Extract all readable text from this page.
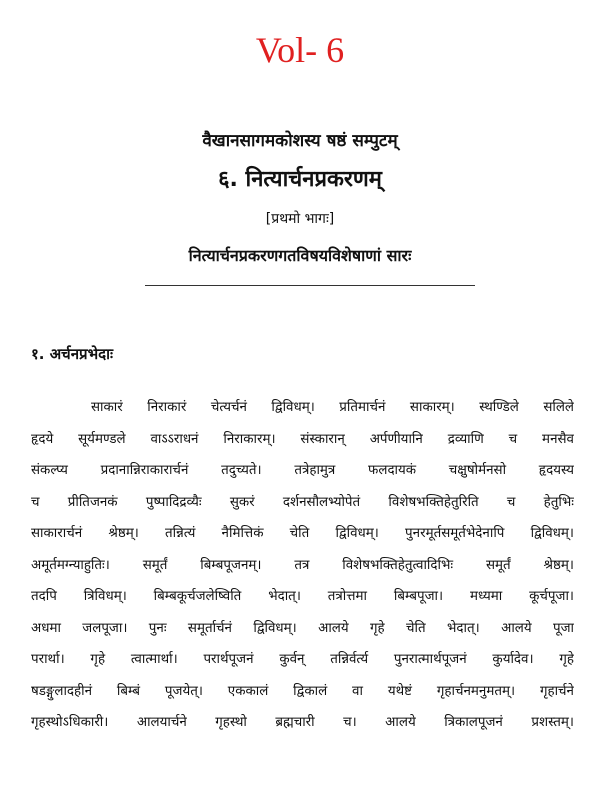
Vol- 6
वैखानसागमकोशस्य षष्ठं सम्पुटम्
६. नित्यार्चनप्रकरणम्
[प्रथमो भागः]
नित्यार्चनप्रकरणगतविषयविशेषाणां सारः
१. अर्चनप्रभेदाः
साकारं निराकारं चेत्यर्चनं द्विविधम्। प्रतिमार्चनं साकारम्। स्थण्डिले सलिले
हृदये सूर्यमण्डले वाऽऽराधनं निराकारम्। संस्कारान् अर्पणीयानि द्रव्याणि च मनसैव
संकल्प्य प्रदानान्निराकारार्चनं तदुच्यते। तत्रेहामुत्र फलदायकं चक्षुषोर्मनसो हृदयस्य
च प्रीतिजनकं पुष्पादिद्रव्यैः सुकरं दर्शनसौलभ्योपेतं विशेषभक्तिहेतुरिति च हेतुभिः
साकारार्चनं श्रेष्ठम्। तन्नित्यं नैमित्तिकं चेति द्विविधम्। पुनरमूर्तसमूर्तभेदेनापि द्विविधम्।
अमूर्तमग्न्याहुतिः। समूर्तं बिम्बपूजनम्। तत्र विशेषभक्तिहेतुत्वादिभिः समूर्तं श्रेष्ठम्।
तदपि त्रिविधम्। बिम्बकूर्चजलेष्विति भेदात्। तत्रोत्तमा बिम्बपूजा। मध्यमा कूर्चपूजा।
अधमा जलपूजा। पुनः समूर्तार्चनं द्विविधम्। आलये गृहे चेति भेदात्। आलये पूजा
परार्था। गृहे त्वात्मार्था। परार्थपूजनं कुर्वन् तन्निर्वर्त्य पुनरात्मार्थपूजनं कुर्यादेव। गृहे
षडङ्गुलादहीनं बिम्बं पूजयेत्। एककालं द्विकालं वा यथेष्टं गृहार्चनमनुमतम्। गृहार्चने
गृहस्थोऽधिकारी। आलयार्चने गृहस्थो ब्रह्मचारी च। आलये त्रिकालपूजनं प्रशस्तम्।
